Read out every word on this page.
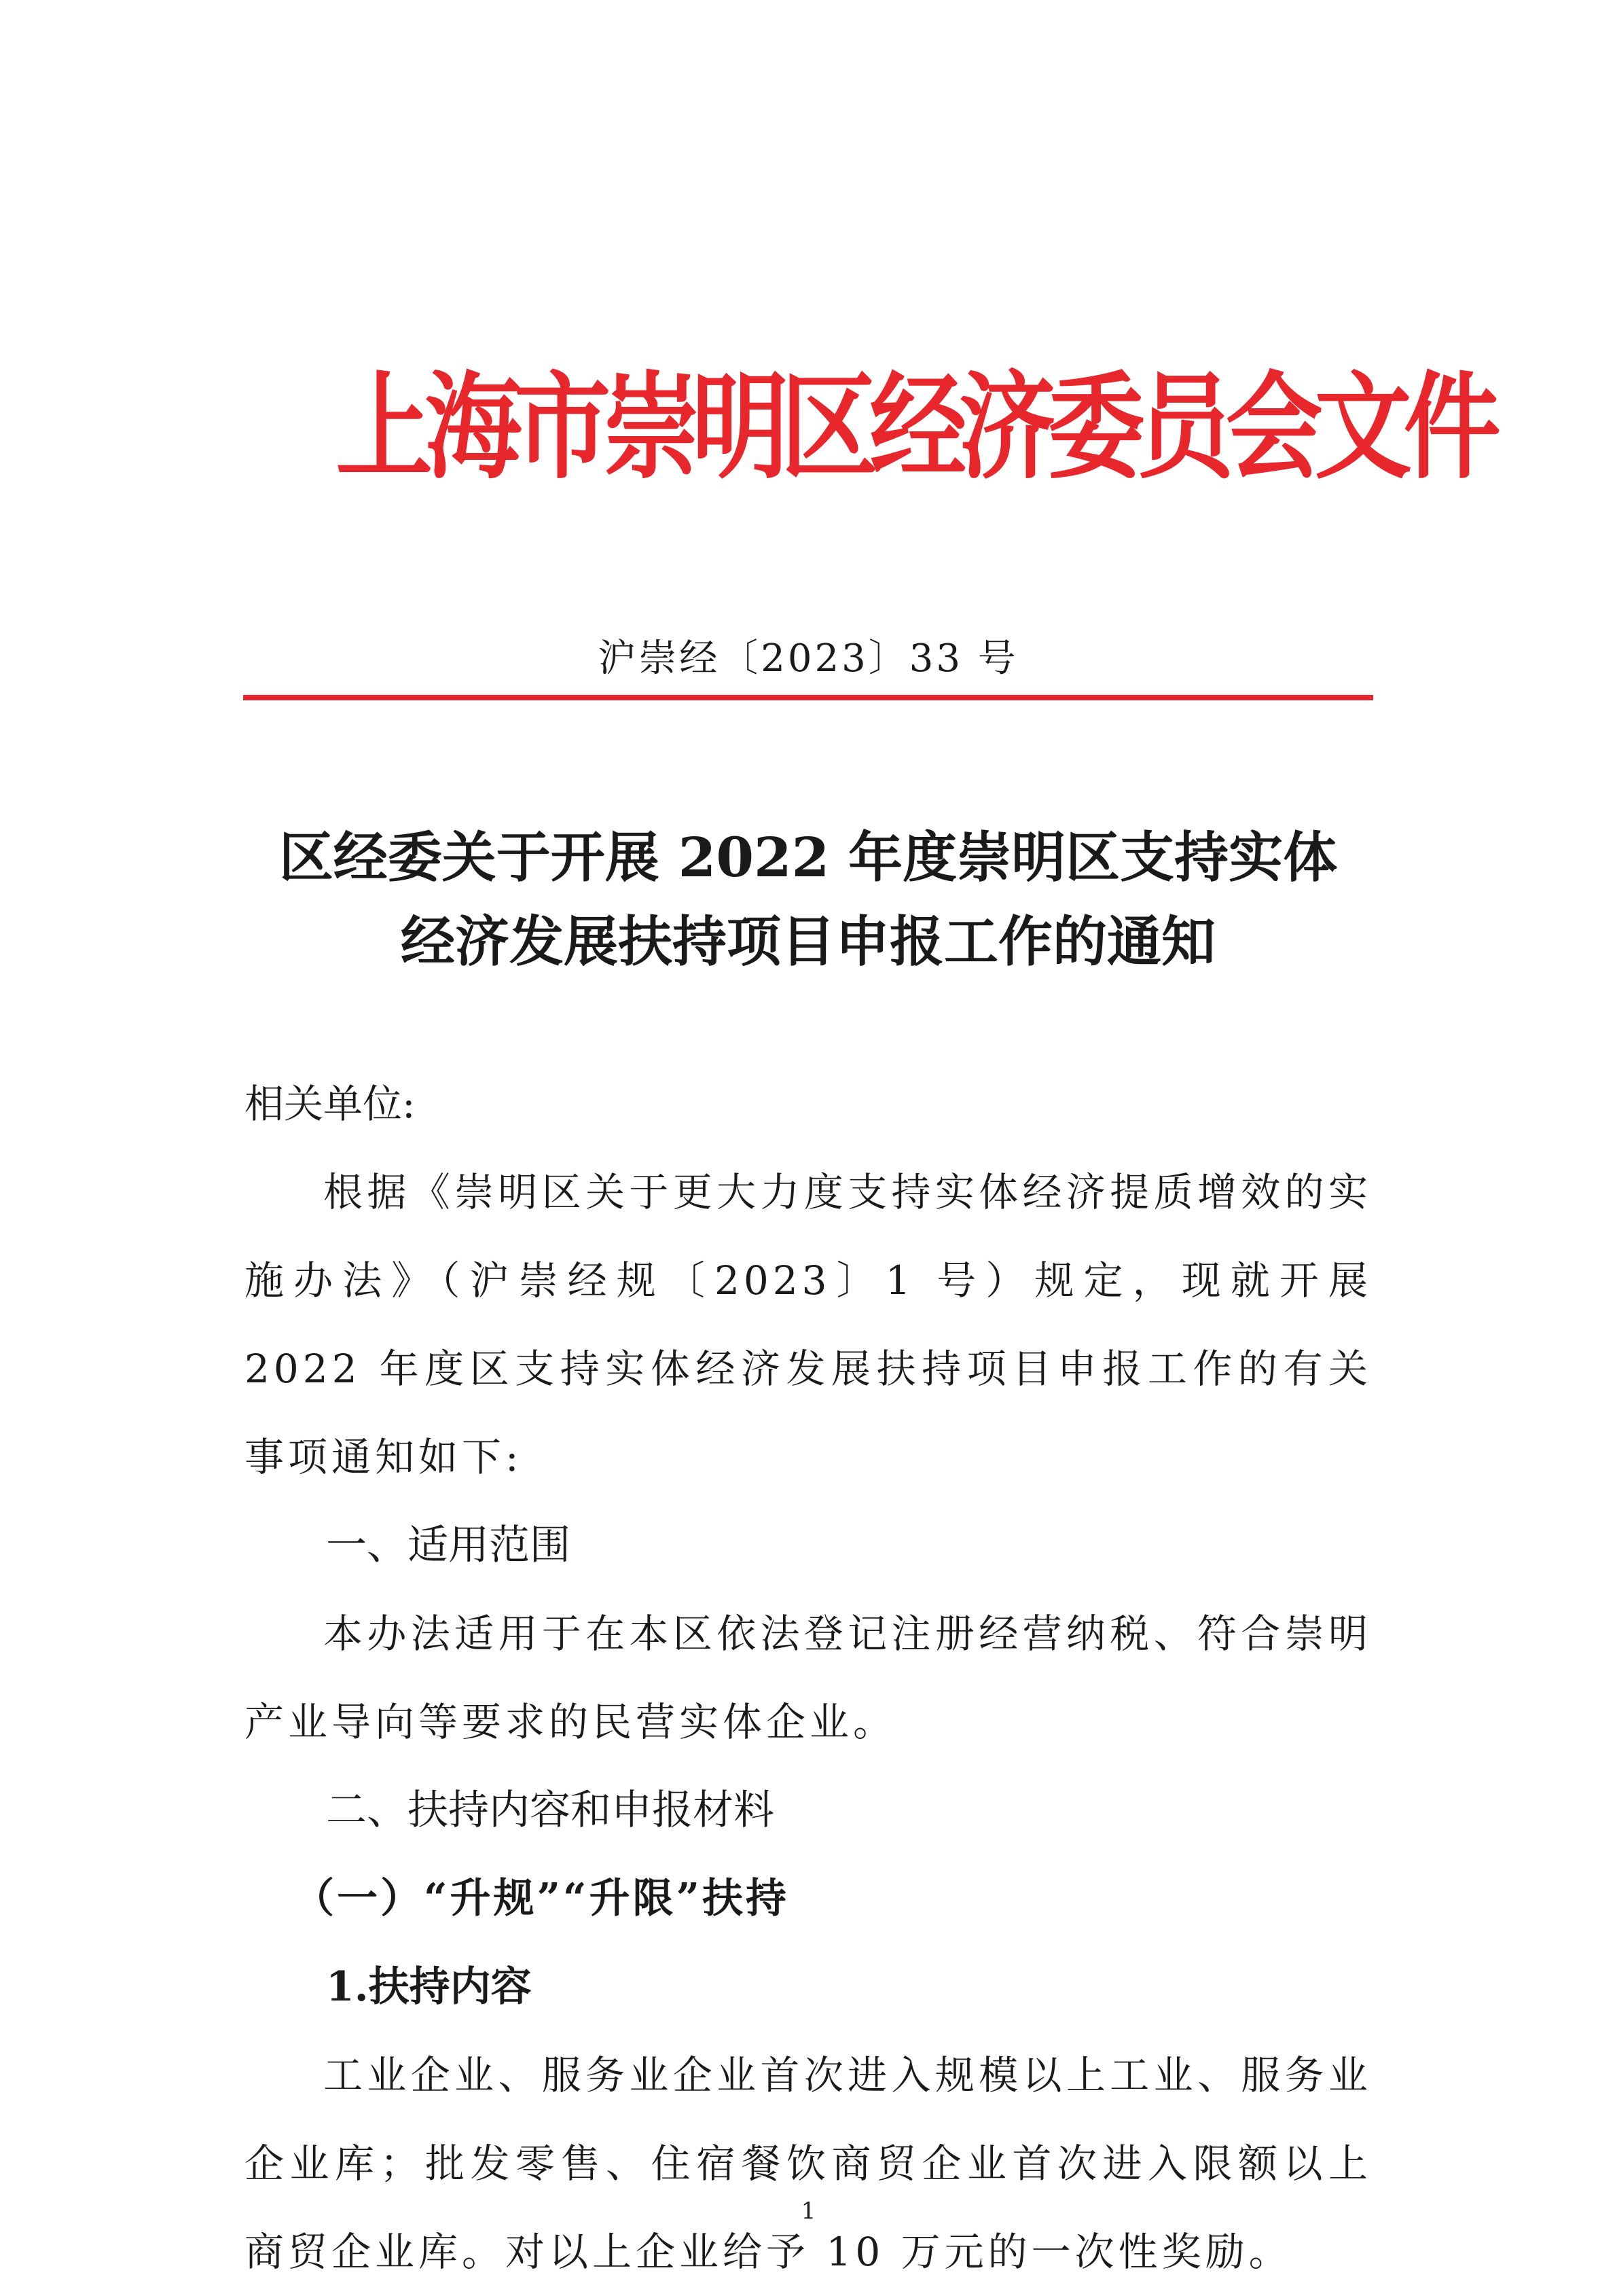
上海市崇明区经济委员会文件
沪崇经〔2023〕33 号
区经委关于开展 2022 年度崇明区支持实体
经济发展扶持项目申报工作的通知

相关单位:

根据《崇明区关于更大力度支持实体经济提质增效的实施办法》（沪崇经规〔2023〕1 号）规定，现就开展 2022 年度区支持实体经济发展扶持项目申报工作的有关事项通知如下:

一、适用范围

本办法适用于在本区依法登记注册经营纳税、符合崇明产业导向等要求的民营实体企业。

二、扶持内容和申报材料

（一）“升规”“升限”扶持

1.扶持内容

工业企业、服务业企业首次进入规模以上工业、服务业企业库；批发零售、住宿餐饮商贸企业首次进入限额以上商贸企业库。对以上企业给予 10 万元的一次性奖励。

1
